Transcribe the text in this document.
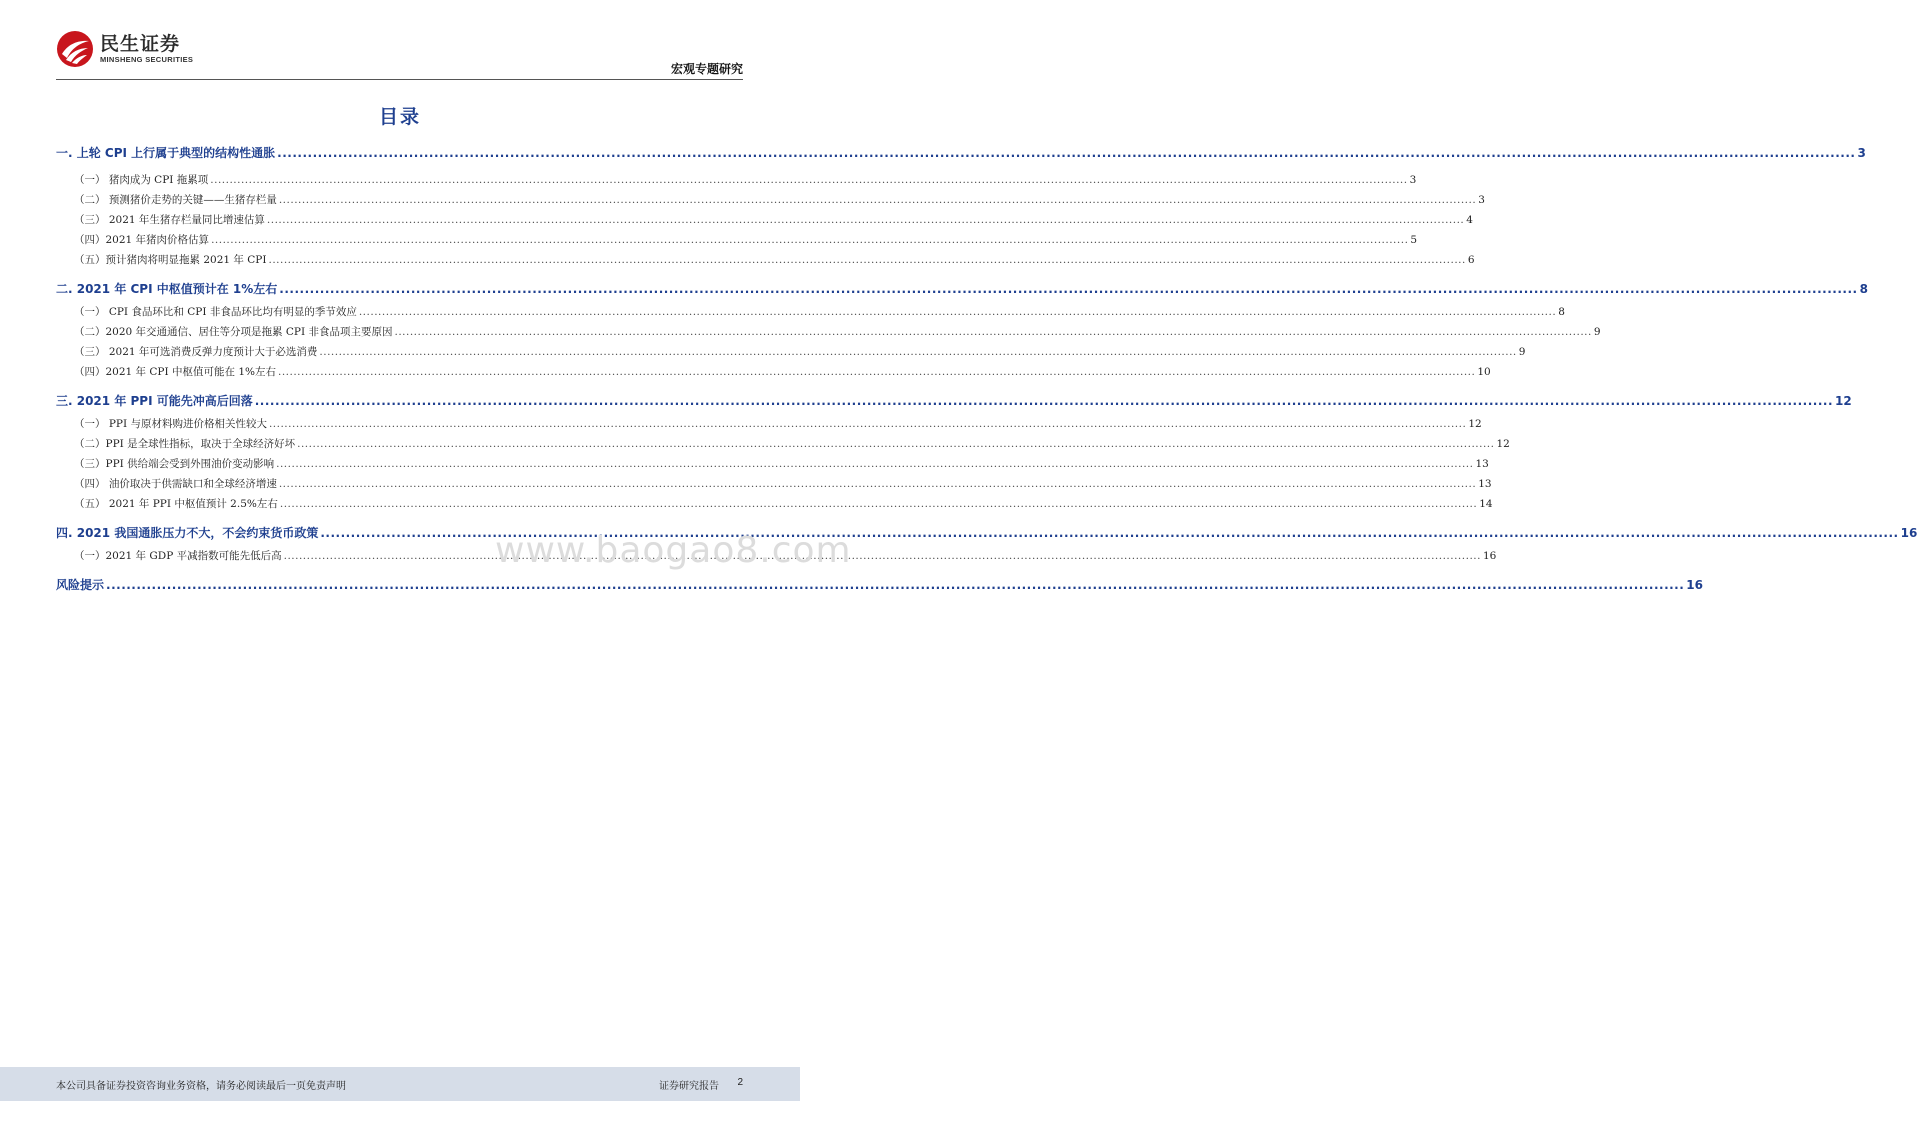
民生证券
MINSHENG SECURITIES
宏观专题研究
目录
一. 上轮 CPI 上行属于典型的结构性通胀 .....	3
（一） 猪肉成为 CPI 拖累项 .....	3
（二） 预测猪价走势的关键——生猪存栏量 .....	3
（三） 2021 年生猪存栏量同比增速估算 .....	4
（四）2021 年猪肉价格估算 .....	5
（五）预计猪肉将明显拖累 2021 年 CPI .....	6
二. 2021 年 CPI 中枢值预计在 1%左右 .....	8
（一） CPI 食品环比和 CPI 非食品环比均有明显的季节效应 .....	8
（二）2020 年交通通信、居住等分项是拖累 CPI 非食品项主要原因 .....	9
（三） 2021 年可选消费反弹力度预计大于必选消费 .....	9
（四）2021 年 CPI 中枢值可能在 1%左右 .....	10
三. 2021 年 PPI 可能先冲高后回落 .....	12
（一） PPI 与原材料购进价格相关性较大 .....	12
（二）PPI 是全球性指标，取决于全球经济好坏 .....	12
（三）PPI 供给端会受到外围油价变动影响 .....	13
（四） 油价取决于供需缺口和全球经济增速 .....	13
（五） 2021 年 PPI 中枢值预计 2.5%左右 .....	14
四. 2021 我国通胀压力不大，不会约束货币政策 .....	16
（一）2021 年 GDP 平减指数可能先低后高 .....	16
风险提示 .....	16
www.baogao8.com
本公司具备证券投资咨询业务资格，请务必阅读最后一页免责声明	证券研究报告 2
